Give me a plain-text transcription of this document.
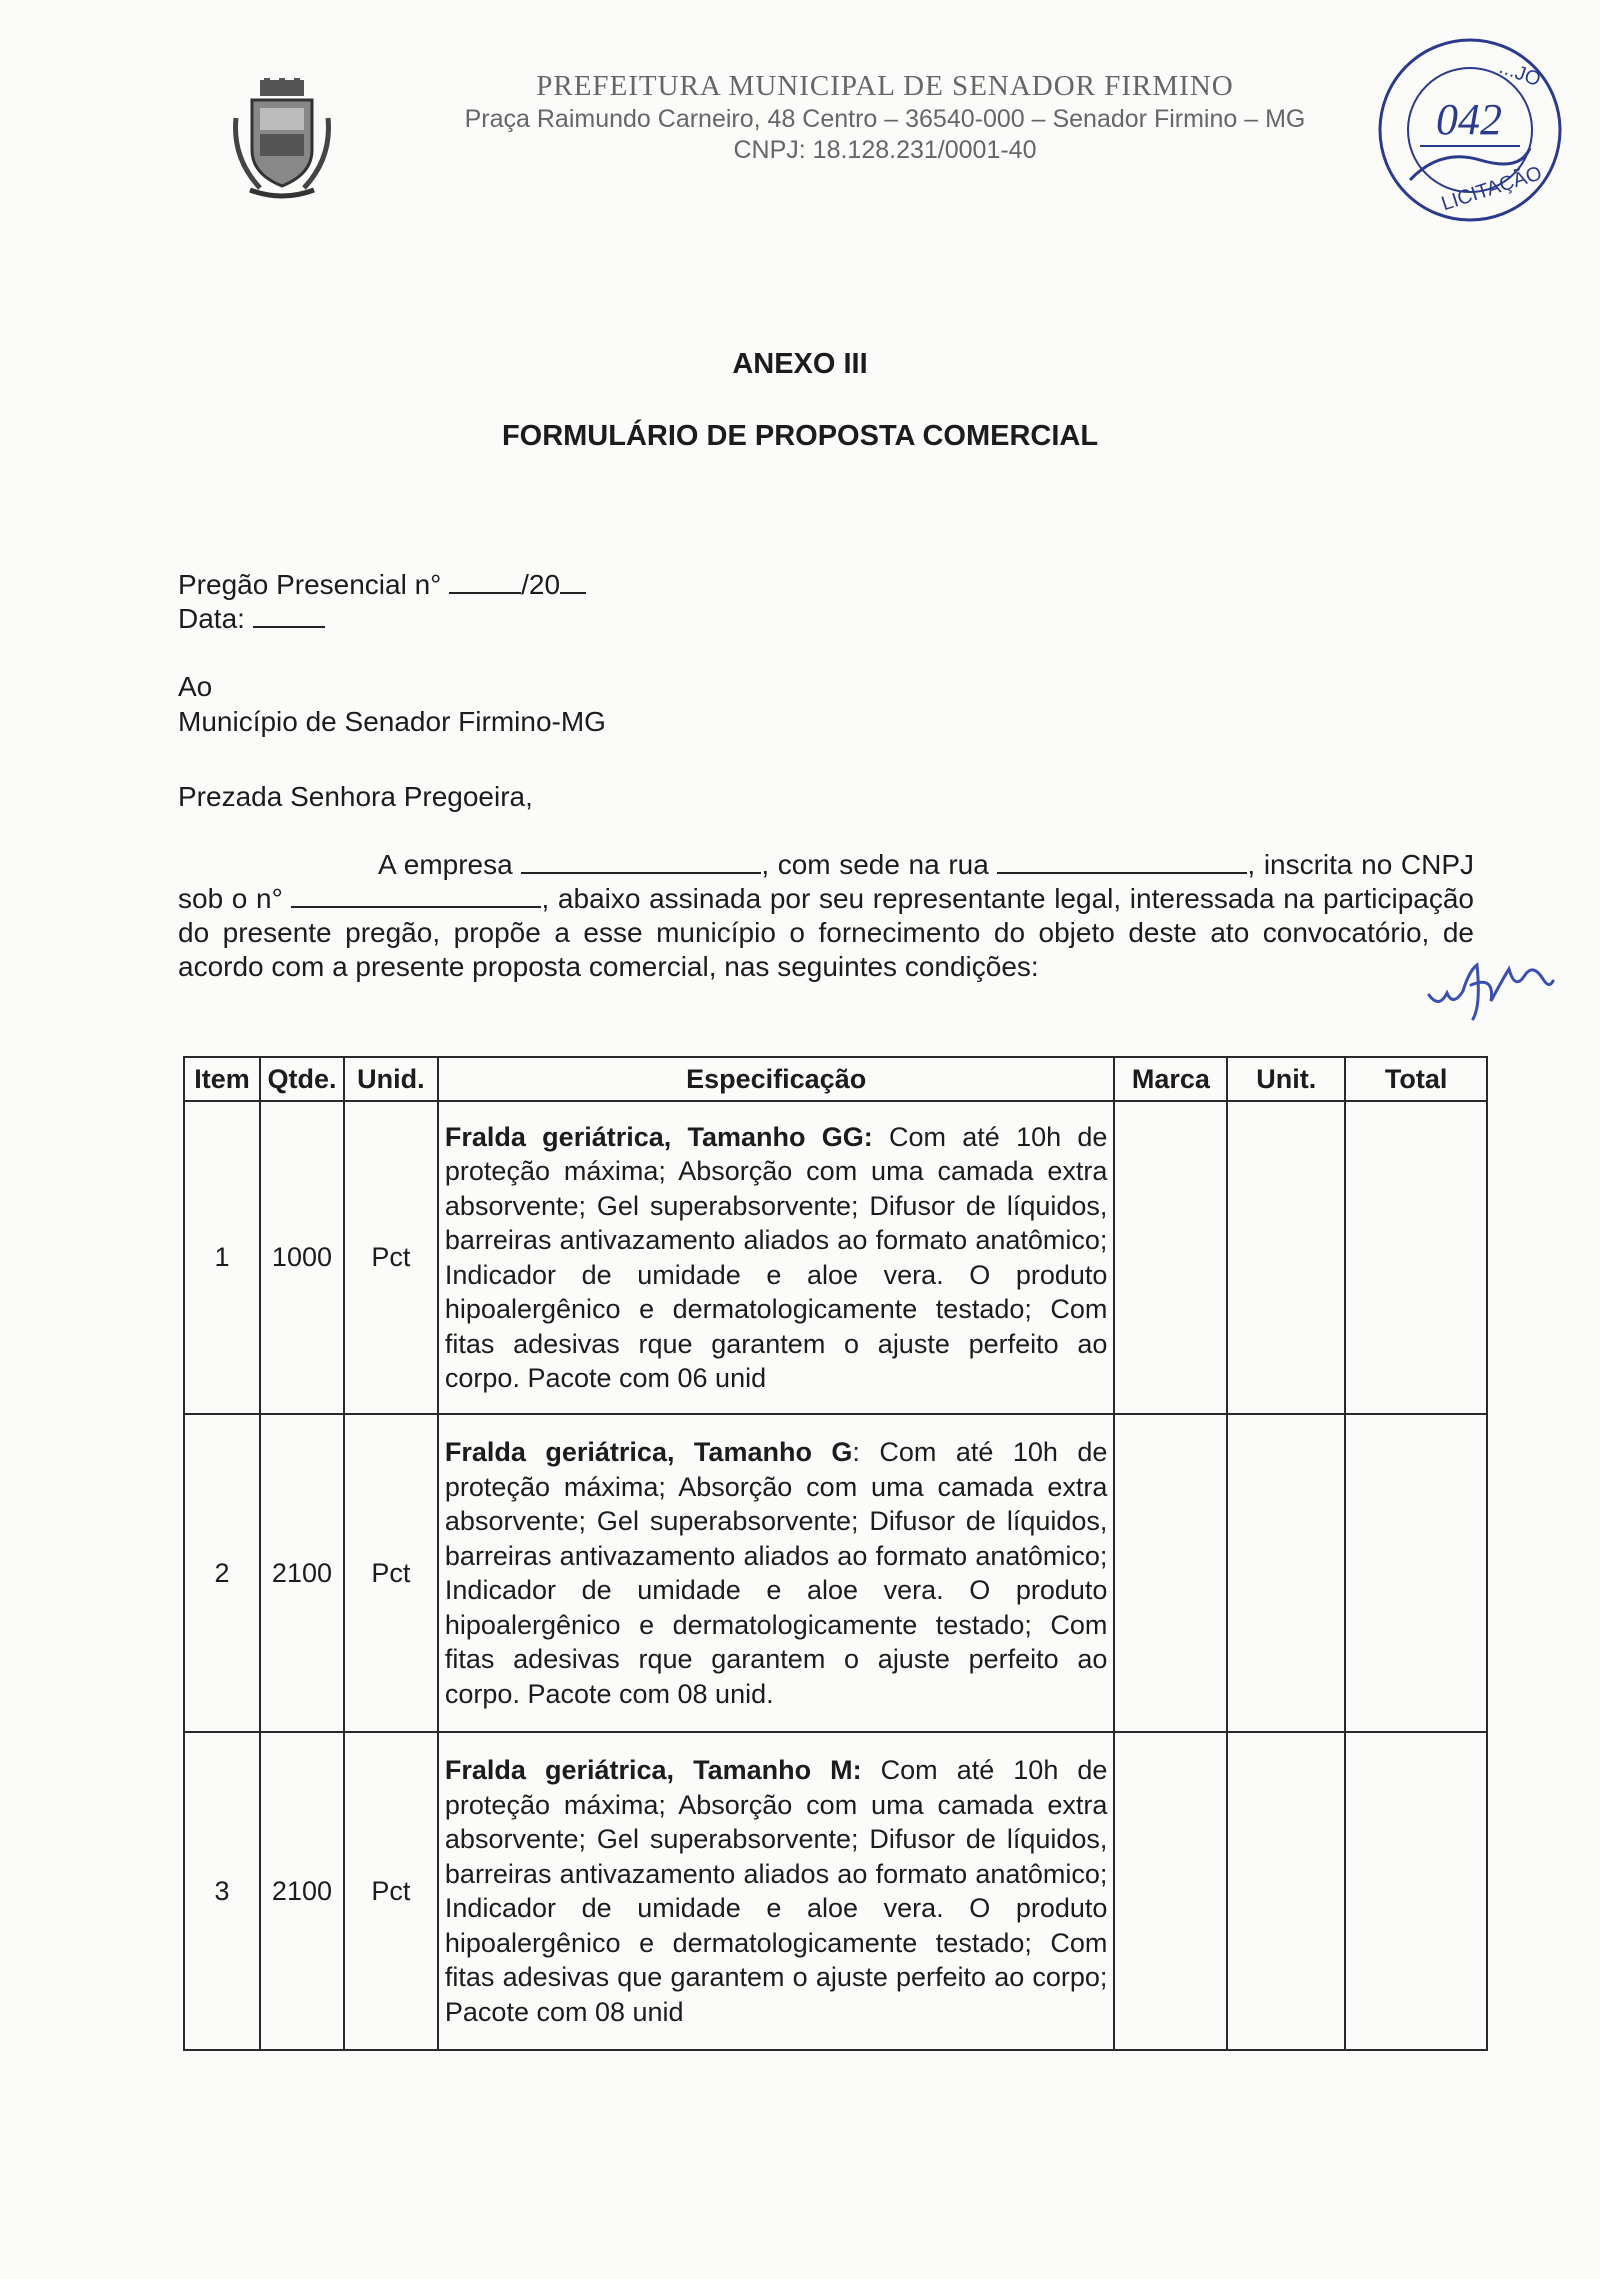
PREFEITURA MUNICIPAL DE SENADOR FIRMINO
Praça Raimundo Carneiro, 48 Centro – 36540-000 – Senador Firmino – MG
CNPJ: 18.128.231/0001-40
...JO
042
LICITAÇÃO
ANEXO III
FORMULÁRIO DE PROPOSTA COMERCIAL
Pregão Presencial n°	/20
Data:
Ao
Município de Senador Firmino-MG
Prezada Senhora Pregoeira,
A empresa	, com sede na rua	, inscrita no CNPJ sob o n°	, abaixo assinada por seu representante legal, interessada na participação do presente pregão, propõe a esse município o fornecimento do objeto deste ato convocatório, de acordo com a presente proposta comercial, nas seguintes condições:
Item	Qtde.	Unid.	Especificação	Marca	Unit.	Total
1	1000	Pct	Fralda geriátrica, Tamanho GG: Com até 10h de proteção máxima; Absorção com uma camada extra absorvente; Gel superabsorvente; Difusor de líquidos, barreiras antivazamento aliados ao formato anatômico; Indicador de umidade e aloe vera. O produto hipoalergênico e dermatologicamente testado; Com fitas adesivas rque garantem o ajuste perfeito ao corpo. Pacote com 06 unid			
2	2100	Pct	Fralda geriátrica, Tamanho G: Com até 10h de proteção máxima; Absorção com uma camada extra absorvente; Gel superabsorvente; Difusor de líquidos, barreiras antivazamento aliados ao formato anatômico; Indicador de umidade e aloe vera. O produto hipoalergênico e dermatologicamente testado; Com fitas adesivas rque garantem o ajuste perfeito ao corpo. Pacote com 08 unid.			
3	2100	Pct	Fralda geriátrica, Tamanho M: Com até 10h de proteção máxima; Absorção com uma camada extra absorvente; Gel superabsorvente; Difusor de líquidos, barreiras antivazamento aliados ao formato anatômico; Indicador de umidade e aloe vera. O produto hipoalergênico e dermatologicamente testado; Com fitas adesivas que garantem o ajuste perfeito ao corpo; Pacote com 08 unid			
